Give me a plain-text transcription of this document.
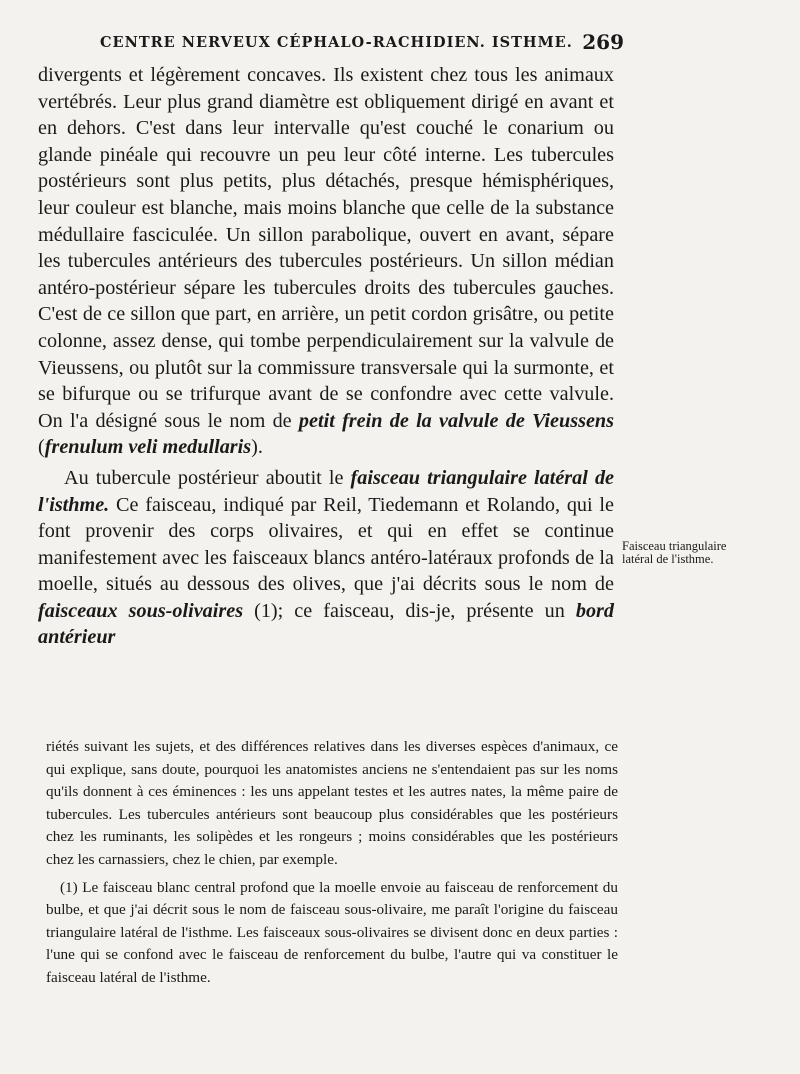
CENTRE NERVEUX CÉPHALO-RACHIDIEN. ISTHME. 269

divergents et légèrement concaves. Ils existent chez tous les animaux vertébrés. Leur plus grand diamètre est obliquement dirigé en avant et en dehors. C'est dans leur intervalle qu'est couché le conarium ou glande pinéale qui recouvre un peu leur côté interne. Les tubercules postérieurs sont plus petits, plus détachés, presque hémisphériques, leur couleur est blanche, mais moins blanche que celle de la substance médullaire fasciculée. Un sillon parabolique, ouvert en avant, sépare les tubercules antérieurs des tubercules postérieurs. Un sillon médian antéro-postérieur sépare les tubercules droits des tubercules gauches. C'est de ce sillon que part, en arrière, un petit cordon grisâtre, ou petite colonne, assez dense, qui tombe perpendiculairement sur la valvule de Vieussens, ou plutôt sur la commissure transversale qui la surmonte, et se bifurque ou se trifurque avant de se confondre avec cette valvule. On l'a désigné sous le nom de petit frein de la valvule de Vieussens (frenulum veli medullaris).

Au tubercule postérieur aboutit le faisceau triangulaire latéral de l'isthme. Ce faisceau, indiqué par Reil, Tiedemann et Rolando, qui le font provenir des corps olivaires, et qui en effet se continue manifestement avec les faisceaux blancs antéro-latéraux profonds de la moelle, situés au dessous des olives, que j'ai décrits sous le nom de faisceaux sous-olivaires (1); ce faisceau, dis-je, présente un bord antérieur

Faisceau triangulaire latéral de l'isthme.

riétés suivant les sujets, et des différences relatives dans les diverses espèces d'animaux, ce qui explique, sans doute, pourquoi les anatomistes anciens ne s'entendaient pas sur les noms qu'ils donnent à ces éminences : les uns appelant testes et les autres nates, la même paire de tubercules. Les tubercules antérieurs sont beaucoup plus considérables que les postérieurs chez les ruminants, les solipèdes et les rongeurs ; moins considérables que les postérieurs chez les carnassiers, chez le chien, par exemple.

(1) Le faisceau blanc central profond que la moelle envoie au faisceau de renforcement du bulbe, et que j'ai décrit sous le nom de faisceau sous-olivaire, me paraît l'origine du faisceau triangulaire latéral de l'isthme. Les faisceaux sous-olivaires se divisent donc en deux parties : l'une qui se confond avec le faisceau de renforcement du bulbe, l'autre qui va constituer le faisceau latéral de l'isthme.
